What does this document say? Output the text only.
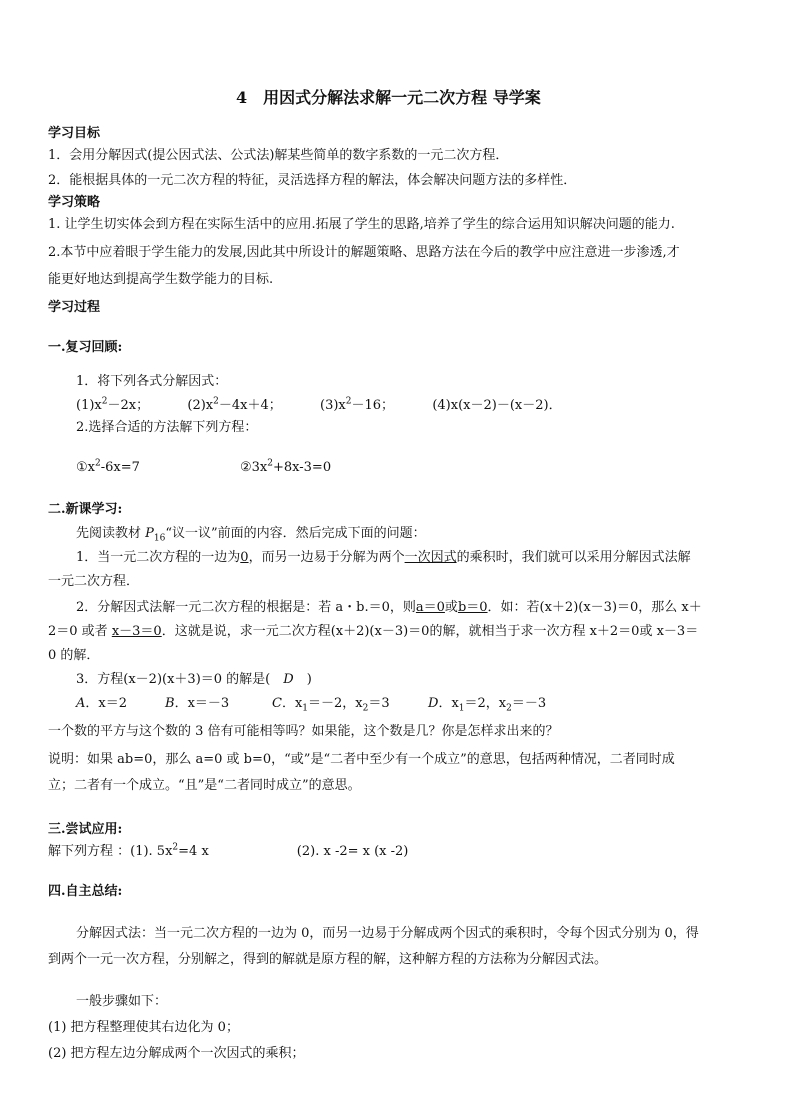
4　用因式分解法求解一元二次方程 导学案
学习目标
1．会用分解因式(提公因式法、公式法)解某些简单的数字系数的一元二次方程．
2．能根据具体的一元二次方程的特征，灵活选择方程的解法，体会解决问题方法的多样性．
学习策略
1. 让学生切实体会到方程在实际生活中的应用.拓展了学生的思路,培养了学生的综合运用知识解决问题的能力.
2.本节中应着眼于学生能力的发展,因此其中所设计的解题策略、思路方法在今后的教学中应注意进一步渗透,才
能更好地达到提高学生数学能力的目标.
学习过程
一.复习回顾:
1．将下列各式分解因式：
$(1)x^2-2x$；	$(2)x^2-4x+4$；	$(3)x^2-16$；	(4)x(x－2)－(x－2)．
2.选择合适的方法解下列方程：
$①x^2-6x=7$	$②3x^2+8x-3=0$
二.新课学习:
先阅读教材 $P_{16}“$议一议”前面的内容．然后完成下面的问题：
1．当一元二次方程的一边为0，而另一边易于分解为两个一次因式的乘积时，我们就可以采用分解因式法解
一元二次方程．
2．分解因式法解一元二次方程的根据是：若 a・b.＝0，则a＝0或b＝0．如：若(x＋2)(x－3)＝0，那么 x＋
2＝0 或者 x－3＝0．这就是说，求一元二次方程(x＋2)(x－3)＝0的解，就相当于求一次方程 x＋2＝0或 x－3＝
0 的解．
3．方程(x－2)(x＋3)＝0 的解是(　D　)
A．x＝2	B．x＝－3	C．$x_1=-2$，$x_2=3$	D．$x_1=2$，$x_2=-3$
一个数的平方与这个数的 3 倍有可能相等吗？如果能，这个数是几？你是怎样求出来的？
说明：如果 ab=0，那么 a=0 或 b=0，“或”是“二者中至少有一个成立”的意思，包括两种情况，二者同时成
立；二者有一个成立。“且”是“二者同时成立”的意思。
三.尝试应用:
解下列方程 ：(1). $5x^2=4$ x	(2). x -2= x (x -2)
四.自主总结:
分解因式法：当一元二次方程的一边为 0，而另一边易于分解成两个因式的乘积时，令每个因式分别为 0，得
到两个一元一次方程，分别解之，得到的解就是原方程的解，这种解方程的方法称为分解因式法。
一般步骤如下：
(1) 把方程整理使其右边化为 0；
(2) 把方程左边分解成两个一次因式的乘积；
